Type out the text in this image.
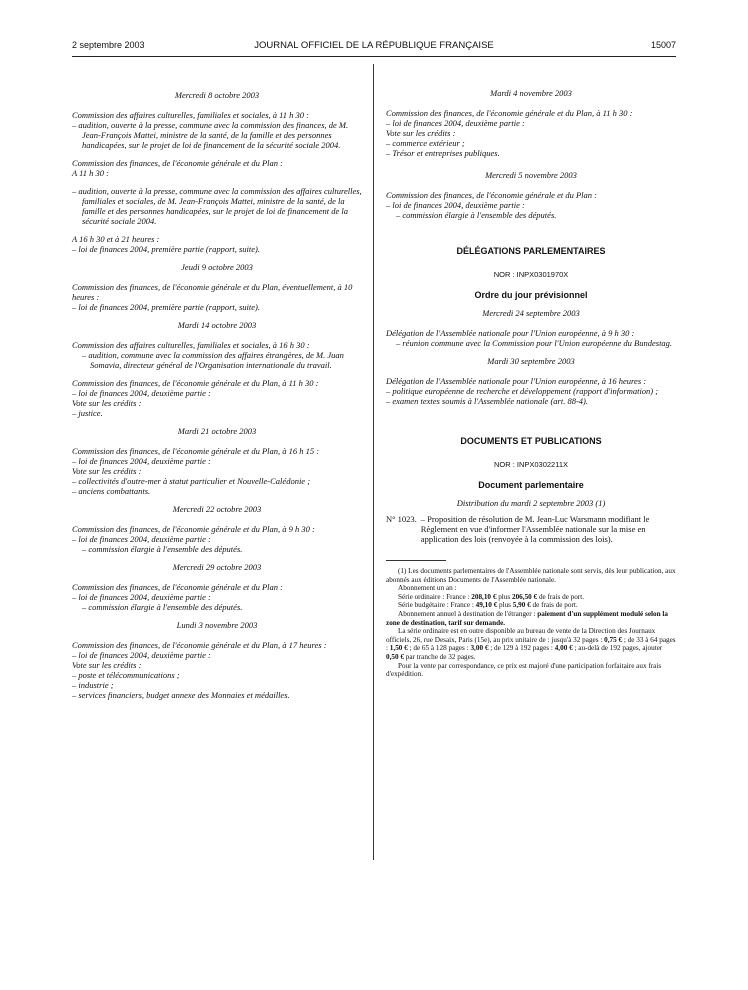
2 septembre 2003	JOURNAL OFFICIEL DE LA RÉPUBLIQUE FRANÇAISE	15007

Mercredi 8 octobre 2003

Commission des affaires culturelles, familiales et sociales, à 11 h 30 :

– audition, ouverte à la presse, commune avec la commission des finances, de M. Jean-François Mattei, ministre de la santé, de la famille et des personnes handicapées, sur le projet de loi de financement de la sécurité sociale 2004.

Commission des finances, de l'économie générale et du Plan :

A 11 h 30 :

– audition, ouverte à la presse, commune avec la commission des affaires culturelles, familiales et sociales, de M. Jean-François Mattei, ministre de la santé, de la famille et des personnes handicapées, sur le projet de loi de financement de la sécurité sociale 2004.

A 16 h 30 et à 21 heures :

– loi de finances 2004, première partie (rapport, suite).

Jeudi 9 octobre 2003

Commission des finances, de l'économie générale et du Plan, éventuellement, à 10 heures :

– loi de finances 2004, première partie (rapport, suite).

Mardi 14 octobre 2003

Commission des affaires culturelles, familiales et sociales, à 16 h 30 :

– audition, commune avec la commission des affaires étrangères, de M. Juan Somavia, directeur général de l'Organisation internationale du travail.

Commission des finances, de l'économie générale et du Plan, à 11 h 30 :

– loi de finances 2004, deuxième partie :

Vote sur les crédits :

– justice.

Mardi 21 octobre 2003

Commission des finances, de l'économie générale et du Plan, à 16 h 15 :

– loi de finances 2004, deuxième partie :

Vote sur les crédits :

– collectivités d'outre-mer à statut particulier et Nouvelle-Calédonie ;

– anciens combattants.

Mercredi 22 octobre 2003

Commission des finances, de l'économie générale et du Plan, à 9 h 30 :

– loi de finances 2004, deuxième partie :

– commission élargie à l'ensemble des députés.

Mercredi 29 octobre 2003

Commission des finances, de l'économie générale et du Plan :

– loi de finances 2004, deuxième partie :

– commission élargie à l'ensemble des députés.

Lundi 3 novembre 2003

Commission des finances, de l'économie générale et du Plan, à 17 heures :

– loi de finances 2004, deuxième partie :

Vote sur les crédits :

– poste et télécommunications ;

– industrie ;

– services financiers, budget annexe des Monnaies et médailles.

Mardi 4 novembre 2003

Commission des finances, de l'économie générale et du Plan, à 11 h 30 :

– loi de finances 2004, deuxième partie :

Vote sur les crédits :

– commerce extérieur ;

– Trésor et entreprises publiques.

Mercredi 5 novembre 2003

Commission des finances, de l'économie générale et du Plan :

– loi de finances 2004, deuxième partie :

– commission élargie à l'ensemble des députés.

DÉLÉGATIONS PARLEMENTAIRES

NOR : INPX0301970X

Ordre du jour prévisionnel

Mercredi 24 septembre 2003

Délégation de l'Assemblée nationale pour l'Union européenne, à 9 h 30 :

– réunion commune avec la Commission pour l'Union européenne du Bundestag.

Mardi 30 septembre 2003

Délégation de l'Assemblée nationale pour l'Union européenne, à 16 heures :

– politique européenne de recherche et développement (rapport d'information) ;

– examen textes soumis à l'Assemblée nationale (art. 88-4).

DOCUMENTS ET PUBLICATIONS

NOR : INPX0302211X

Document parlementaire

Distribution du mardi 2 septembre 2003 (1)

N° 1023. – Proposition de résolution de M. Jean-Luc Warsmann modifiant le Règlement en vue d'informer l'Assemblée nationale sur la mise en application des lois (renvoyée à la commission des lois).

(1) Les documents parlementaires de l'Assemblée nationale sont servis, dès leur publication, aux abonnés aux éditions Documents de l'Assemblée nationale.

Abonnement un an :

Série ordinaire : France : 208,10 € plus 206,50 € de frais de port.

Série budgétaire : France : 49,10 € plus 5,90 € de frais de port.

Abonnement annuel à destination de l'étranger : paiement d'un supplément modulé selon la zone de destination, tarif sur demande.

La série ordinaire est en outre disponible au bureau de vente de la Direction des Journaux officiels, 26, rue Desaix, Paris (15e), au prix unitaire de : jusqu'à 32 pages : 0,75 € ; de 33 à 64 pages : 1,50 € ; de 65 à 128 pages : 3,00 € ; de 129 à 192 pages : 4,00 € ; au-delà de 192 pages, ajouter 0,50 € par tranche de 32 pages.

Pour la vente par correspondance, ce prix est majoré d'une participation forfaitaire aux frais d'expédition.
